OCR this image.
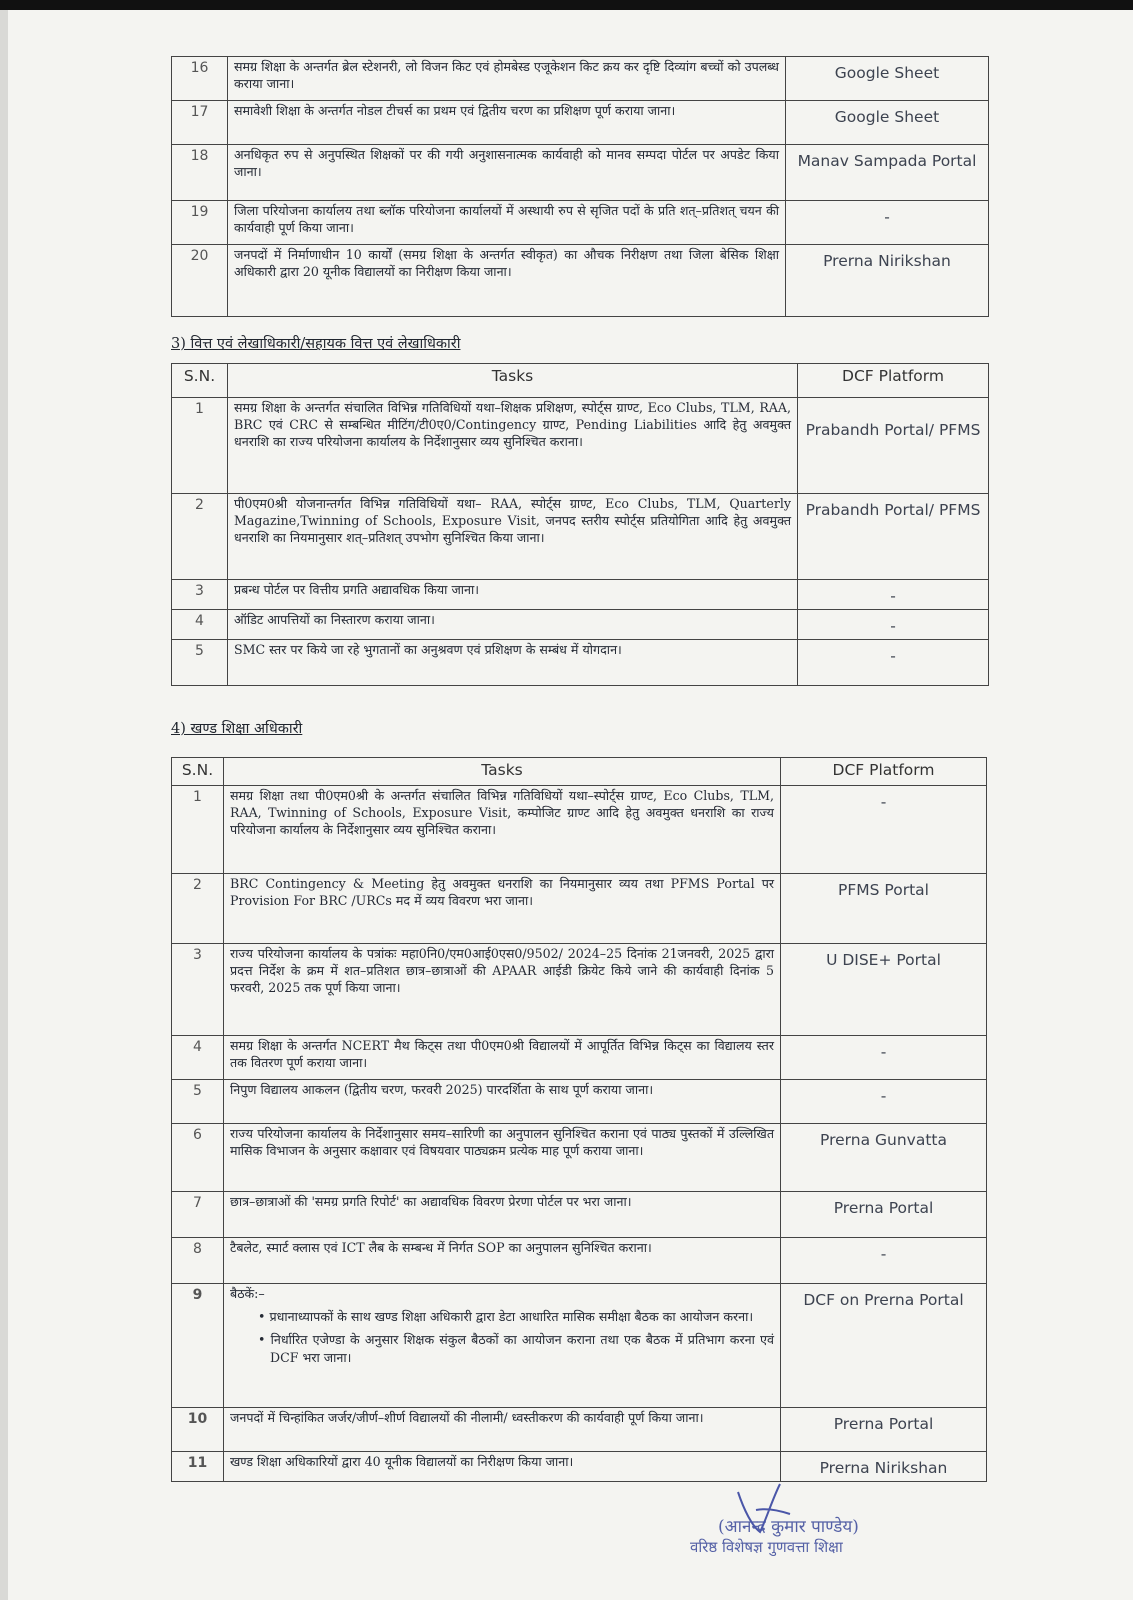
16	समग्र शिक्षा के अन्तर्गत ब्रेल स्टेशनरी, लो विजन किट एवं होमबेस्ड एजूकेशन किट क्रय कर दृष्टि दिव्यांग बच्चों को उपलब्ध कराया जाना।	Google Sheet
17	समावेशी शिक्षा के अन्तर्गत नोडल टीचर्स का प्रथम एवं द्वितीय चरण का प्रशिक्षण पूर्ण कराया जाना।	Google Sheet
18	अनधिकृत रुप से अनुपस्थित शिक्षकों पर की गयी अनुशासनात्मक कार्यवाही को मानव सम्पदा पोर्टल पर अपडेट किया जाना।	Manav Sampada Portal
19	जिला परियोजना कार्यालय तथा ब्लॉक परियोजना कार्यालयों में अस्थायी रुप से सृजित पदों के प्रति शत्–प्रतिशत् चयन की कार्यवाही पूर्ण किया जाना।	-
20	जनपदों में निर्माणाधीन 10 कार्यों (समग्र शिक्षा के अन्तर्गत स्वीकृत) का औचक निरीक्षण तथा जिला बेसिक शिक्षा अधिकारी द्वारा 20 यूनीक विद्यालयों का निरीक्षण किया जाना।	Prerna Nirikshan
3) वित्त एवं लेखाधिकारी/सहायक वित्त एवं लेखाधिकारी
S.N.	Tasks	DCF Platform
1	समग्र शिक्षा के अन्तर्गत संचालित विभिन्न गतिविधियों यथा–शिक्षक प्रशिक्षण, स्पोर्ट्स ग्राण्ट, Eco Clubs, TLM, RAA, BRC एवं CRC से सम्बन्धित मीटिंग/टी0ए0/Contingency ग्राण्ट, Pending Liabilities आदि हेतु अवमुक्त धनराशि का राज्य परियोजना कार्यालय के निर्देशानुसार व्यय सुनिश्चित कराना।	Prabandh Portal/ PFMS
2	पी0एम0श्री योजनान्तर्गत विभिन्न गतिविधियों यथा– RAA, स्पोर्ट्स ग्राण्ट, Eco Clubs, TLM, Quarterly Magazine,Twinning of Schools, Exposure Visit, जनपद स्तरीय स्पोर्ट्स प्रतियोगिता आदि हेतु अवमुक्त धनराशि का नियमानुसार शत्–प्रतिशत् उपभोग सुनिश्चित किया जाना।	Prabandh Portal/ PFMS
3	प्रबन्ध पोर्टल पर वित्तीय प्रगति अद्यावधिक किया जाना।	-
4	ऑडिट आपत्तियों का निस्तारण कराया जाना।	-
5	SMC स्तर पर किये जा रहे भुगतानों का अनुश्रवण एवं प्रशिक्षण के सम्बंध में योगदान।	-
4) खण्ड शिक्षा अधिकारी
S.N.	Tasks	DCF Platform
1	समग्र शिक्षा तथा पी0एम0श्री के अन्तर्गत संचालित विभिन्न गतिविधियों यथा–स्पोर्ट्स ग्राण्ट, Eco Clubs, TLM, RAA, Twinning of Schools, Exposure Visit, कम्पोजिट ग्राण्ट आदि हेतु अवमुक्त धनराशि का राज्य परियोजना कार्यालय के निर्देशानुसार व्यय सुनिश्चित कराना।	-
2	BRC Contingency & Meeting हेतु अवमुक्त धनराशि का नियमानुसार व्यय तथा PFMS Portal पर Provision For BRC /URCs मद में व्यय विवरण भरा जाना।	PFMS Portal
3	राज्य परियोजना कार्यालय के पत्रांकः महा0नि0/एम0आई0एस0/9502/ 2024–25 दिनांक 21जनवरी, 2025 द्वारा प्रदत्त निर्देश के क्रम में शत–प्रतिशत छात्र–छात्राओं की APAAR आईडी क्रियेट किये जाने की कार्यवाही दिनांक 5 फरवरी, 2025 तक पूर्ण किया जाना।	U DISE+ Portal
4	समग्र शिक्षा के अन्तर्गत NCERT मैथ किट्स तथा पी0एम0श्री विद्यालयों में आपूर्तित विभिन्न किट्स का विद्यालय स्तर तक वितरण पूर्ण कराया जाना।	-
5	निपुण विद्यालय आकलन (द्वितीय चरण, फरवरी 2025) पारदर्शिता के साथ पूर्ण कराया जाना।	-
6	राज्य परियोजना कार्यालय के निर्देशानुसार समय–सारिणी का अनुपालन सुनिश्चित कराना एवं पाठ्य पुस्तकों में उल्लिखित मासिक विभाजन के अनुसार कक्षावार एवं विषयवार पाठ्यक्रम प्रत्येक माह पूर्ण कराया जाना।	Prerna Gunvatta
7	छात्र–छात्राओं की 'समग्र प्रगति रिपोर्ट' का अद्यावधिक विवरण प्रेरणा पोर्टल पर भरा जाना।	Prerna Portal
8	टैबलेट, स्मार्ट क्लास एवं ICT लैब के सम्बन्ध में निर्गत SOP का अनुपालन सुनिश्चित कराना।	-
9	बैठकें:–
• प्रधानाध्यापकों के साथ खण्ड शिक्षा अधिकारी द्वारा डेटा आधारित मासिक समीक्षा बैठक का आयोजन करना।
• निर्धारित एजेण्डा के अनुसार शिक्षक संकुल बैठकों का आयोजन कराना तथा एक बैठक में प्रतिभाग करना एवं DCF भरा जाना।	DCF on Prerna Portal
10	जनपदों में चिन्हांकित जर्जर/जीर्ण–शीर्ण विद्यालयों की नीलामी/ ध्वस्तीकरण की कार्यवाही पूर्ण किया जाना।	Prerna Portal
11	खण्ड शिक्षा अधिकारियों द्वारा 40 यूनीक विद्यालयों का निरीक्षण किया जाना।	Prerna Nirikshan
(आनन्द कुमार पाण्डेय)
वरिष्ठ विशेषज्ञ गुणवत्ता शिक्षा
